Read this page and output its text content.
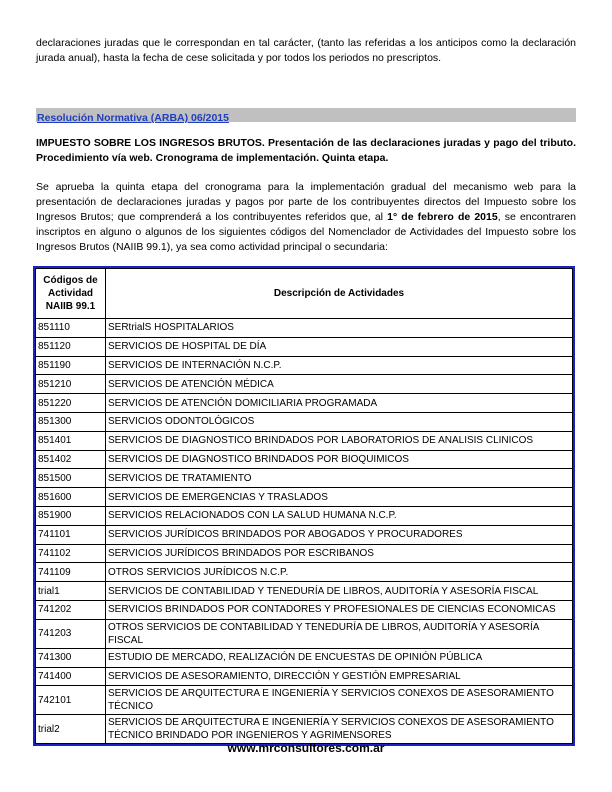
declaraciones juradas que le correspondan en tal carácter, (tanto las referidas a los anticipos como la declaración jurada anual), hasta la fecha de cese solicitada y por todos los periodos no prescriptos.

Resolución Normativa (ARBA) 06/2015

IMPUESTO SOBRE LOS INGRESOS BRUTOS. Presentación de las declaraciones juradas y pago del tributo. Procedimiento vía web. Cronograma de implementación. Quinta etapa.

Se aprueba la quinta etapa del cronograma para la implementación gradual del mecanismo web para la presentación de declaraciones juradas y pagos por parte de los contribuyentes directos del Impuesto sobre los Ingresos Brutos; que comprenderá a los contribuyentes referidos que, al 1° de febrero de 2015, se encontraren inscriptos en alguno o algunos de los siguientes códigos del Nomenclador de Actividades del Impuesto sobre los Ingresos Brutos (NAIIB 99.1), ya sea como actividad principal o secundaria:

Códigos de Actividad NAIIB 99.1	Descripción de Actividades
851110	SERtrialS HOSPITALARIOS
851120	SERVICIOS DE HOSPITAL DE DÍA
851190	SERVICIOS DE INTERNACIÓN N.C.P.
851210	SERVICIOS DE ATENCIÓN MÉDICA
851220	SERVICIOS DE ATENCIÓN DOMICILIARIA PROGRAMADA
851300	SERVICIOS ODONTOLÓGICOS
851401	SERVICIOS DE DIAGNOSTICO BRINDADOS POR LABORATORIOS DE ANALISIS CLINICOS
851402	SERVICIOS DE DIAGNOSTICO BRINDADOS POR BIOQUIMICOS
851500	SERVICIOS DE TRATAMIENTO
851600	SERVICIOS DE EMERGENCIAS Y TRASLADOS
851900	SERVICIOS RELACIONADOS CON LA SALUD HUMANA N.C.P.
741101	SERVICIOS JURÍDICOS BRINDADOS POR ABOGADOS Y PROCURADORES
741102	SERVICIOS JURÍDICOS BRINDADOS POR ESCRIBANOS
741109	OTROS SERVICIOS JURÍDICOS N.C.P.
trial1	SERVICIOS DE CONTABILIDAD Y TENEDURÍA DE LIBROS, AUDITORÍA Y ASESORÍA FISCAL
741202	SERVICIOS BRINDADOS POR CONTADORES Y PROFESIONALES DE CIENCIAS ECONOMICAS
741203	OTROS SERVICIOS DE CONTABILIDAD Y TENEDURÍA DE LIBROS, AUDITORÍA Y ASESORÍA FISCAL
741300	ESTUDIO DE MERCADO, REALIZACIÓN DE ENCUESTAS DE OPINIÓN PÚBLICA
741400	SERVICIOS DE ASESORAMIENTO, DIRECCIÓN Y GESTIÓN EMPRESARIAL
742101	SERVICIOS DE ARQUITECTURA E INGENIERÍA Y SERVICIOS CONEXOS DE ASESORAMIENTO TÉCNICO
trial2	SERVICIOS DE ARQUITECTURA E INGENIERÍA Y SERVICIOS CONEXOS DE ASESORAMIENTO TÉCNICO BRINDADO POR INGENIEROS Y AGRIMENSORES
www.mrconsultores.com.ar
